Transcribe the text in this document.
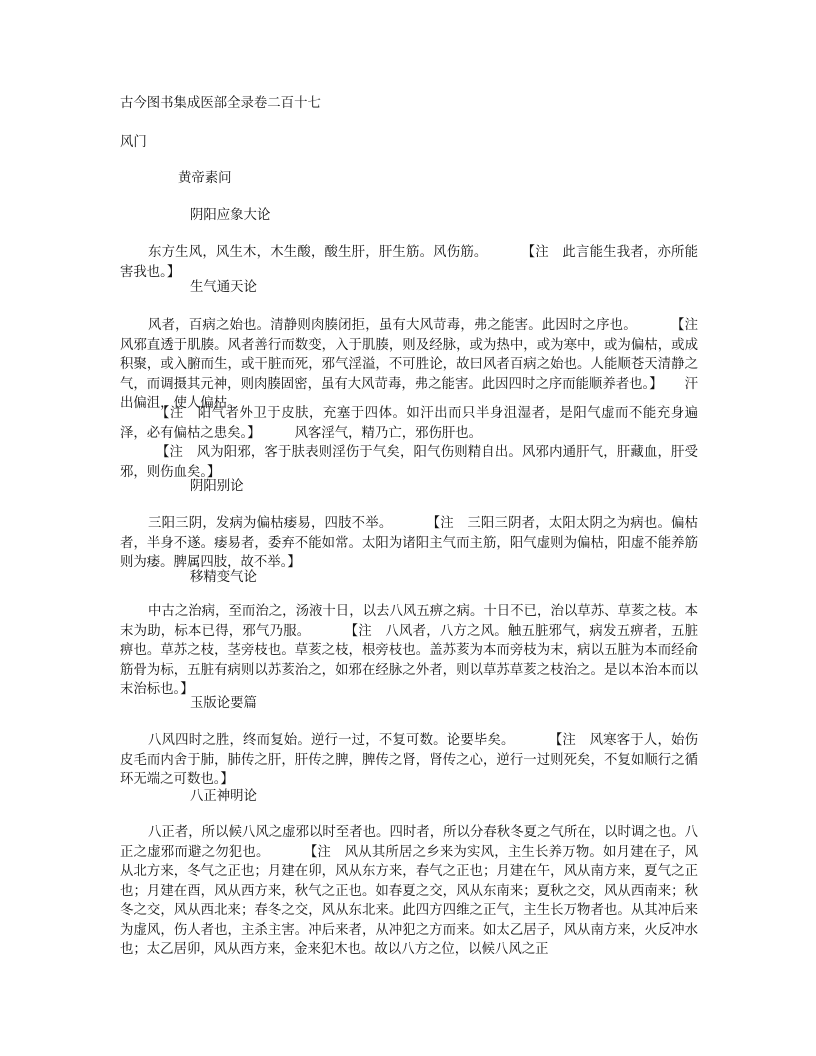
古今图书集成医部全录卷二百十七
风门
黄帝素问
阴阳应象大论

东方生风，风生木，木生酸，酸生肝，肝生筋。风伤筋。	【注　此言能生我者，亦所能害我也。】

生气通天论

风者，百病之始也。清静则肉腠闭拒，虽有大风苛毒，弗之能害。此因时之序也。	【注　风邪直透于肌腠。风者善行而数变，入于肌腠，则及经脉，或为热中，或为寒中，或为偏枯，或成积聚，或入腑而生，或干脏而死，邪气淫溢，不可胜论，故曰风者百病之始也。人能顺苍天清静之气，而调摄其元神，则肉腠固密，虽有大风苛毒，弗之能害。此因四时之序而能顺养者也。】 汗出偏沮，使人偏枯。

【注　阳气者外卫于皮肤，充塞于四体。如汗出而只半身沮湿者，是阳气虚而不能充身遍泽，必有偏枯之患矣。】	风客淫气，精乃亡，邪伤肝也。

【注　风为阳邪，客于肤表则淫伤于气矣，阳气伤则精自出。风邪内通肝气，肝藏血，肝受邪，则伤血矣。】

阴阳别论

三阳三阴，发病为偏枯痿易，四肢不举。	【注　三阳三阴者，太阳太阴之为病也。偏枯者，半身不遂。痿易者，委弃不能如常。太阳为诸阳主气而主筋，阳气虚则为偏枯，阳虚不能养筋则为痿。脾属四肢，故不举。】

移精变气论

中古之治病，至而治之，汤液十日，以去八风五痹之病。十日不已，治以草苏、草荄之枝。本末为助，标本已得，邪气乃服。	【注　八风者，八方之风。触五脏邪气，病发五痹者，五脏痹也。草苏之枝，茎旁枝也。草荄之枝，根旁枝也。盖苏荄为本而旁枝为末，病以五脏为本而经俞筋骨为标，五脏有病则以苏荄治之，如邪在经脉之外者，则以草苏草荄之枝治之。是以本治本而以末治标也。】

玉版论要篇

八风四时之胜，终而复始。逆行一过，不复可数。论要毕矣。	【注　风寒客于人，始伤皮毛而内舍于肺，肺传之肝，肝传之脾，脾传之肾，肾传之心，逆行一过则死矣，不复如顺行之循环无端之可数也。】

八正神明论

八正者，所以候八风之虚邪以时至者也。四时者，所以分春秋冬夏之气所在，以时调之也。八正之虚邪而避之勿犯也。	【注　风从其所居之乡来为实风，主生长养万物。如月建在子，风从北方来，冬气之正也；月建在卯，风从东方来，春气之正也；月建在午，风从南方来，夏气之正也；月建在酉，风从西方来，秋气之正也。如春夏之交，风从东南来；夏秋之交，风从西南来；秋冬之交，风从西北来；春冬之交，风从东北来。此四方四维之正气，主生长万物者也。从其冲后来为虚风，伤人者也，主杀主害。冲后来者，从冲犯之方而来。如太乙居子，风从南方来，火反冲水也；太乙居卯，风从西方来，金来犯木也。故以八方之位，以候八风之正
